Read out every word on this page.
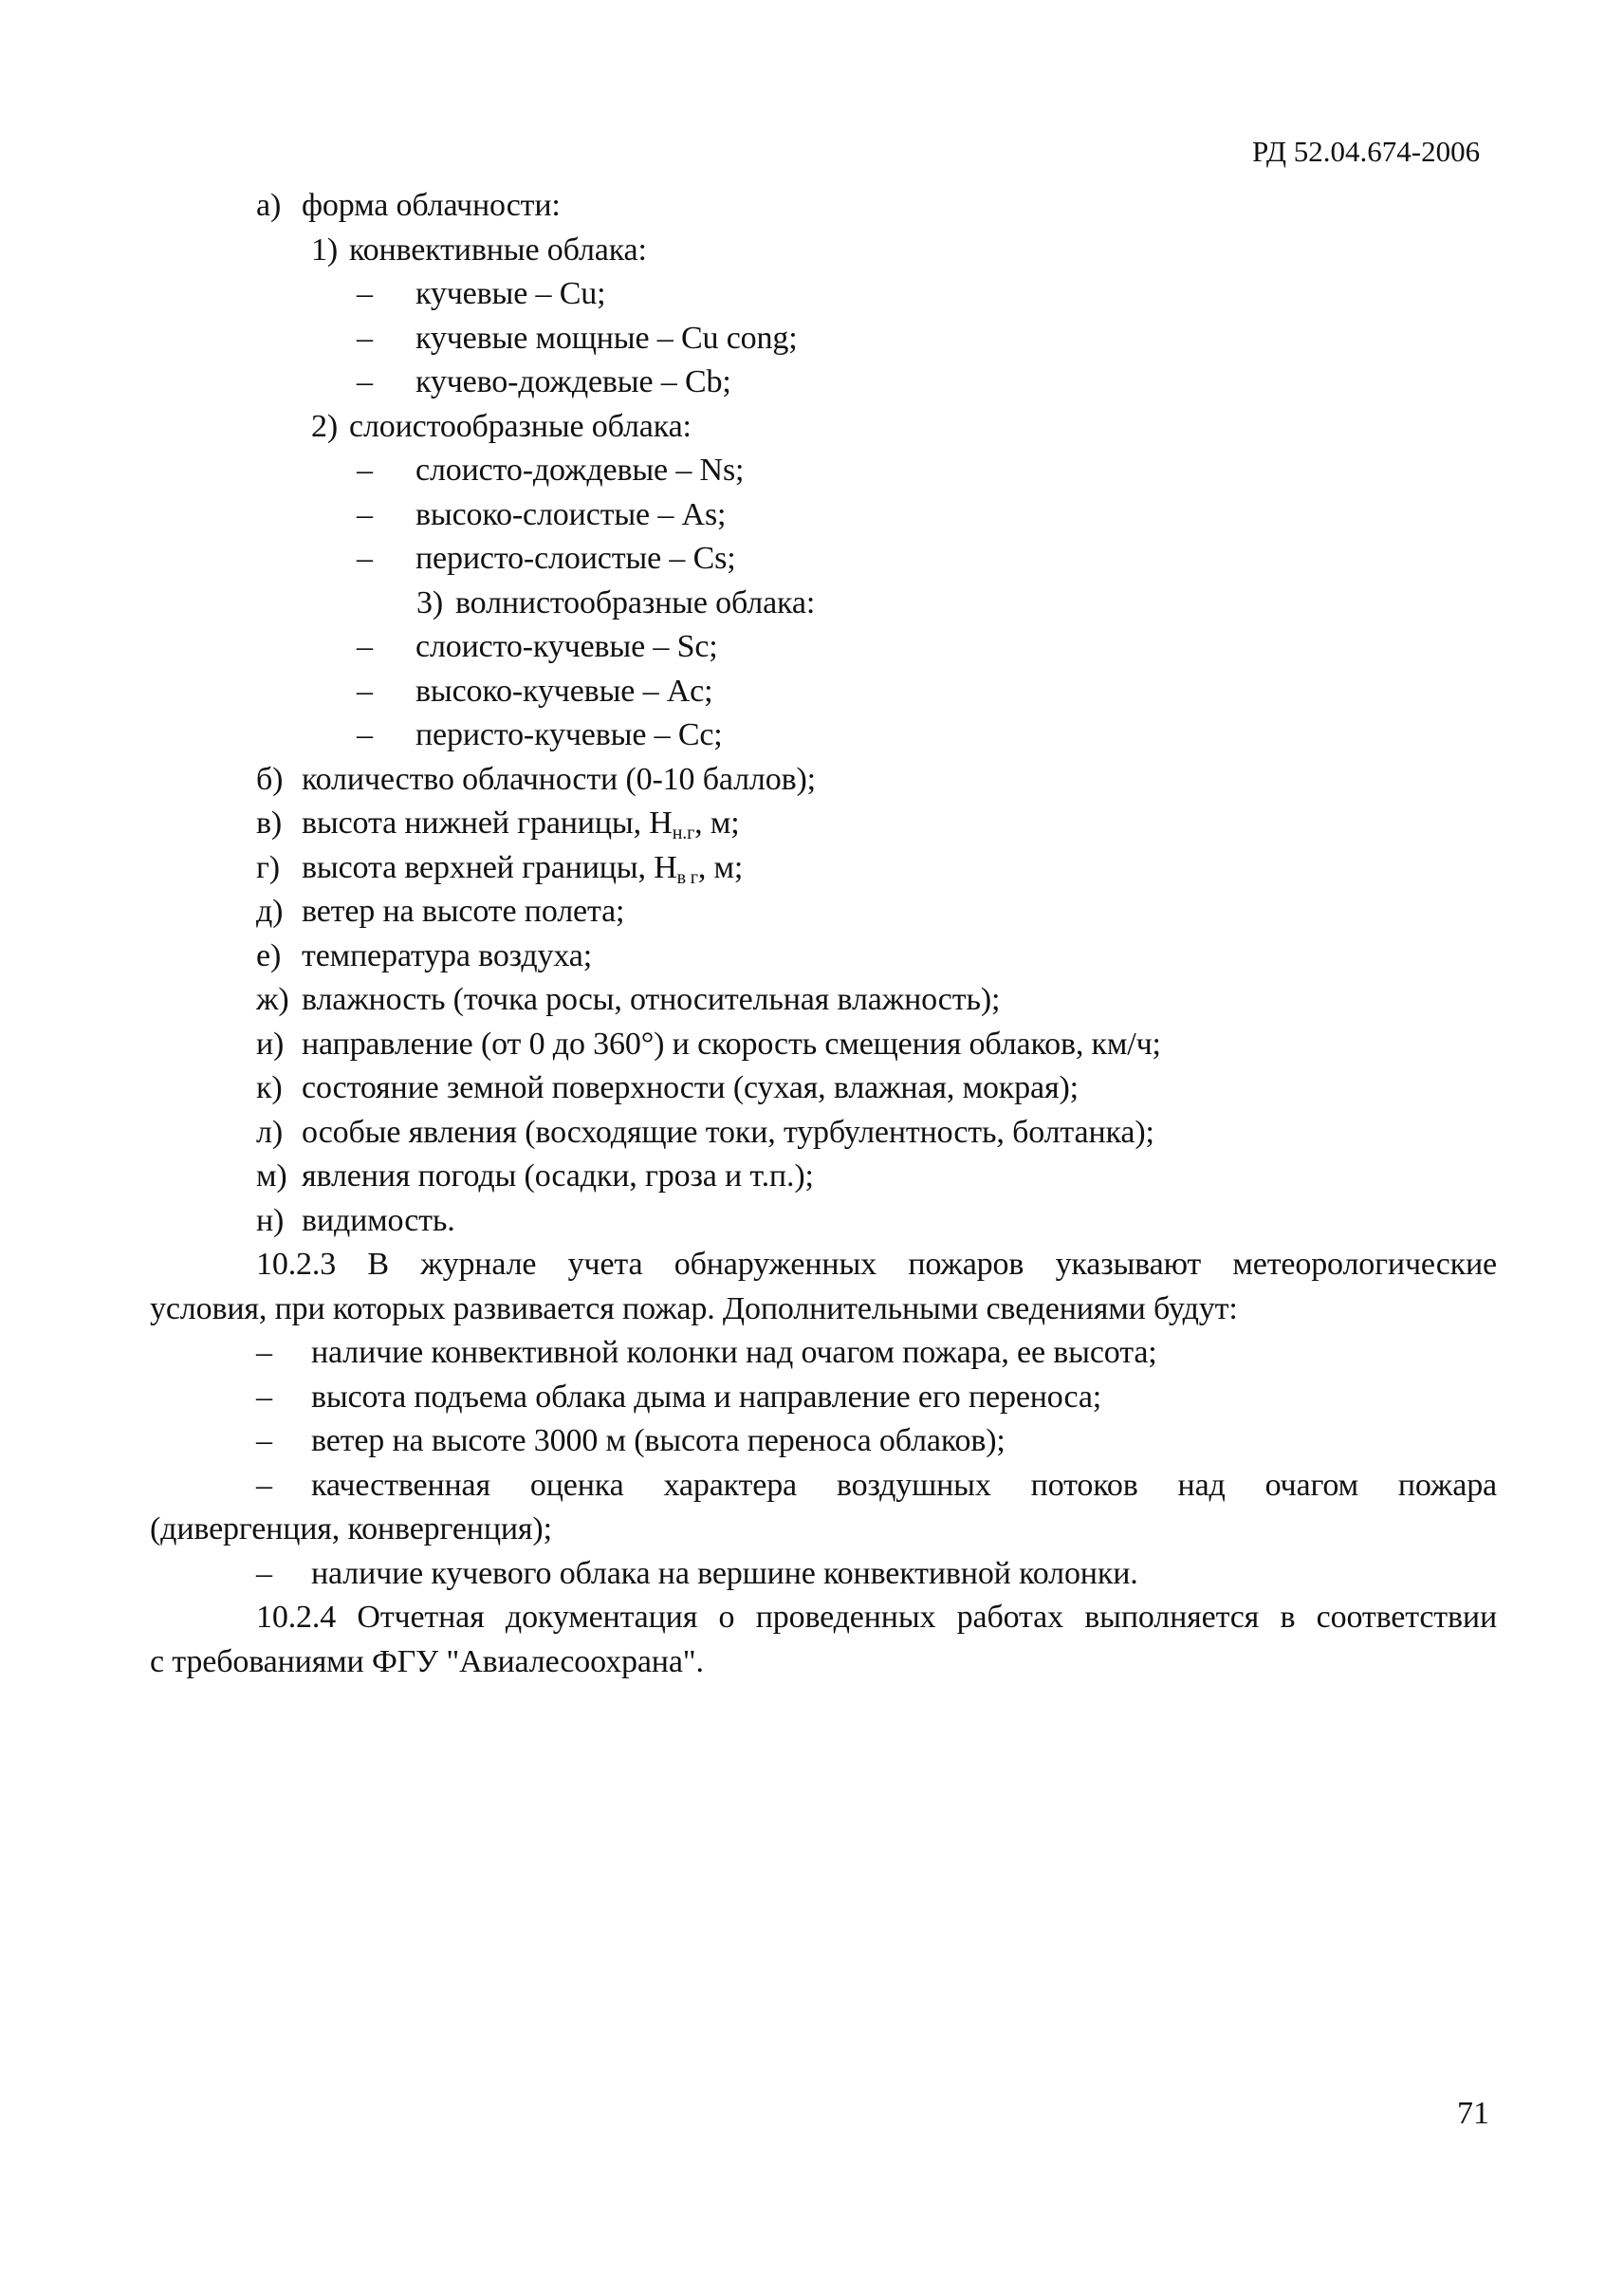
РД 52.04.674-2006
а) форма облачности:
1) конвективные облака:
– кучевые – Cu;
– кучевые мощные – Cu cong;
– кучево-дождевые – Cb;
2) слоистообразные облака:
– слоисто-дождевые – Ns;
– высоко-слоистые – As;
– перисто-слоистые – Cs;
3) волнистообразные облака:
– слоисто-кучевые – Sc;
– высоко-кучевые – Ac;
– перисто-кучевые – Cc;
б) количество облачности (0-10 баллов);
в) высота нижней границы, $H_{н.г}$, м;
г) высота верхней границы, $H_{в г}$, м;
д) ветер на высоте полета;
е) температура воздуха;
ж) влажность (точка росы, относительная влажность);
и) направление (от 0 до 360°) и скорость смещения облаков, км/ч;
к) состояние земной поверхности (сухая, влажная, мокрая);
л) особые явления (восходящие токи, турбулентность, болтанка);
м) явления погоды (осадки, гроза и т.п.);
н) видимость.
10.2.3 В журнале учета обнаруженных пожаров указывают метеорологические
условия, при которых развивается пожар. Дополнительными сведениями будут:
– наличие конвективной колонки над очагом пожара, ее высота;
– высота подъема облака дыма и направление его переноса;
– ветер на высоте 3000 м (высота переноса облаков);
– качественная оценка характера воздушных потоков над очагом пожара
(дивергенция, конвергенция);
– наличие кучевого облака на вершине конвективной колонки.
10.2.4 Отчетная документация о проведенных работах выполняется в соответствии
с требованиями ФГУ "Авиалесоохрана".
71
